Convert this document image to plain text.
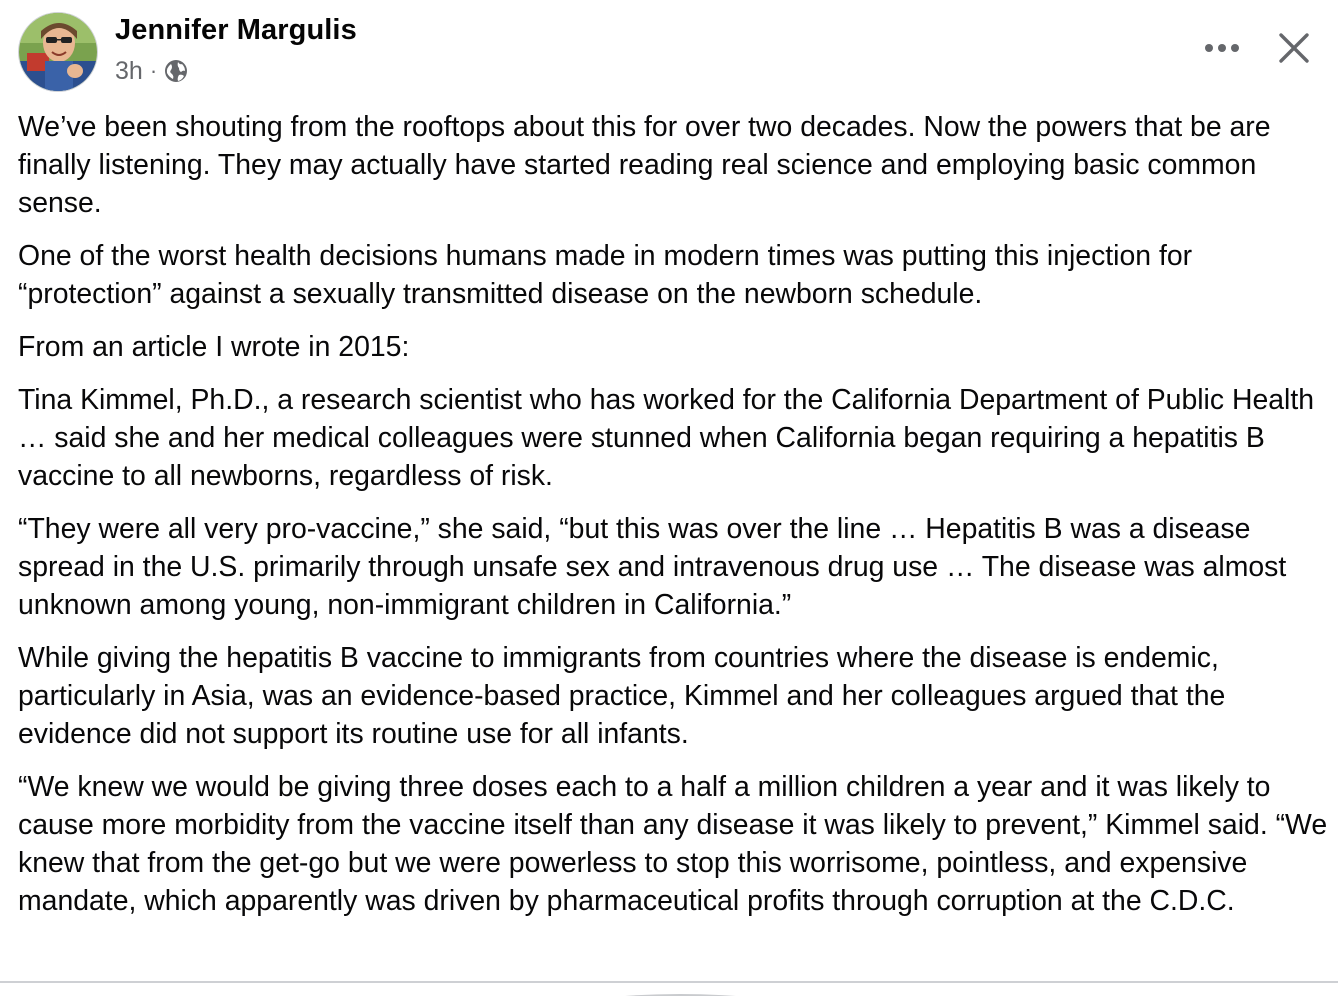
Jennifer Margulis
3h ·

We’ve been shouting from the rooftops about this for over two decades. Now the powers that be are finally listening. They may actually have started reading real science and employing basic common sense.

One of the worst health decisions humans made in modern times was putting this injection for “protection” against a sexually transmitted disease on the newborn schedule.

From an article I wrote in 2015:

Tina Kimmel, Ph.D., a research scientist who has worked for the California Department of Public Health … said she and her medical colleagues were stunned when California began requiring a hepatitis B vaccine to all newborns, regardless of risk.

“They were all very pro-vaccine,” she said, “but this was over the line … Hepatitis B was a disease spread in the U.S. primarily through unsafe sex and intravenous drug use … The disease was almost unknown among young, non-immigrant children in California.”

While giving the hepatitis B vaccine to immigrants from countries where the disease is endemic, particularly in Asia, was an evidence-based practice, Kimmel and her colleagues argued that the evidence did not support its routine use for all infants.

“We knew we would be giving three doses each to a half a million children a year and it was likely to cause more morbidity from the vaccine itself than any disease it was likely to prevent,” Kimmel said. “We knew that from the get-go but we were powerless to stop this worrisome, pointless, and expensive mandate, which apparently was driven by pharmaceutical profits through corruption at the C.D.C.
